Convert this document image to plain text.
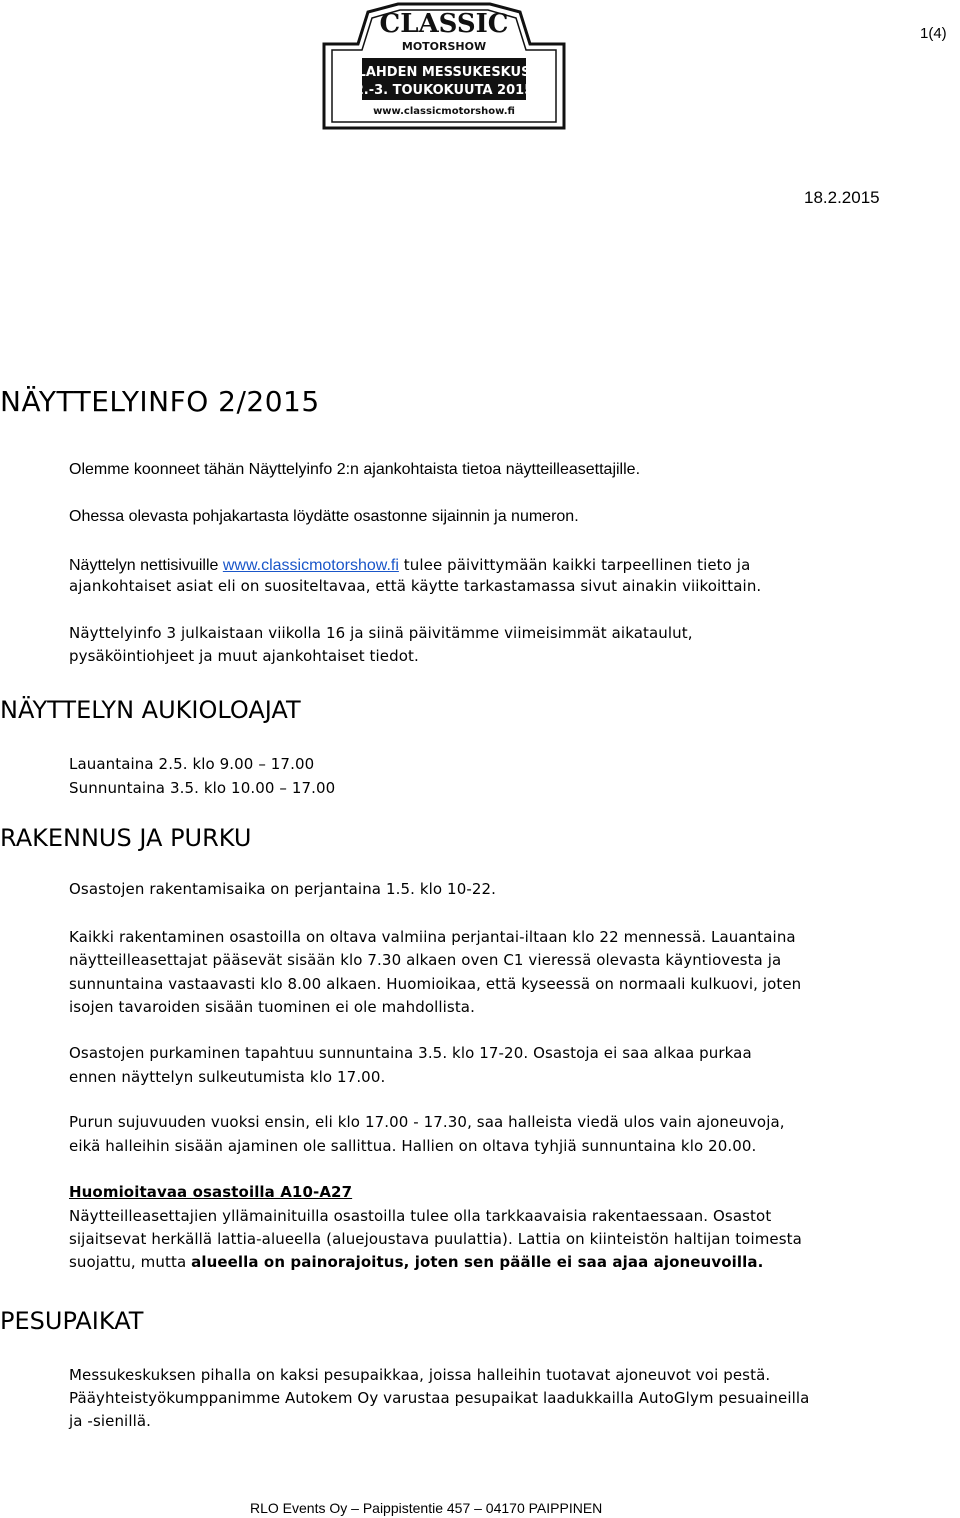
1(4)
CLASSIC
MOTORSHOW
LAHDEN MESSUKESKUS
2.-3. TOUKOKUUTA 2015
www.classicmotorshow.fi
18.2.2015
NÄYTTELYINFO 2/2015
Olemme koonneet tähän Näyttelyinfo 2:n ajankohtaista tietoa näytteilleasettajille.
Ohessa olevasta pohjakartasta löydätte osastonne sijainnin ja numeron.
Näyttelyn nettisivuille www.classicmotorshow.fi tulee päivittymään kaikki tarpeellinen tieto ja
ajankohtaiset asiat eli on suositeltavaa, että käytte tarkastamassa sivut ainakin viikoittain.
Näyttelyinfo 3 julkaistaan viikolla 16 ja siinä päivitämme viimeisimmät aikataulut,
pysäköintiohjeet ja muut ajankohtaiset tiedot.
NÄYTTELYN AUKIOLOAJAT
Lauantaina 2.5. klo 9.00 – 17.00
Sunnuntaina 3.5. klo 10.00 – 17.00
RAKENNUS JA PURKU
Osastojen rakentamisaika on perjantaina 1.5. klo 10-22.
Kaikki rakentaminen osastoilla on oltava valmiina perjantai-iltaan klo 22 mennessä. Lauantaina
näytteilleasettajat pääsevät sisään klo 7.30 alkaen oven C1 vieressä olevasta käyntiovesta ja
sunnuntaina vastaavasti klo 8.00 alkaen. Huomioikaa, että kyseessä on normaali kulkuovi, joten
isojen tavaroiden sisään tuominen ei ole mahdollista.
Osastojen purkaminen tapahtuu sunnuntaina 3.5. klo 17-20. Osastoja ei saa alkaa purkaa
ennen näyttelyn sulkeutumista klo 17.00.
Purun sujuvuuden vuoksi ensin, eli klo 17.00 - 17.30, saa halleista viedä ulos vain ajoneuvoja,
eikä halleihin sisään ajaminen ole sallittua. Hallien on oltava tyhjiä sunnuntaina klo 20.00.
Huomioitavaa osastoilla A10-A27
Näytteilleasettajien yllämainituilla osastoilla tulee olla tarkkaavaisia rakentaessaan. Osastot
sijaitsevat herkällä lattia-alueella (aluejoustava puulattia). Lattia on kiinteistön haltijan toimesta
suojattu, mutta alueella on painorajoitus, joten sen päälle ei saa ajaa ajoneuvoilla.
PESUPAIKAT
Messukeskuksen pihalla on kaksi pesupaikkaa, joissa halleihin tuotavat ajoneuvot voi pestä.
Pääyhteistyökumppanimme Autokem Oy varustaa pesupaikat laadukkailla AutoGlym pesuaineilla
ja -sienillä.
RLO Events Oy – Paippistentie 457 – 04170 PAIPPINEN
